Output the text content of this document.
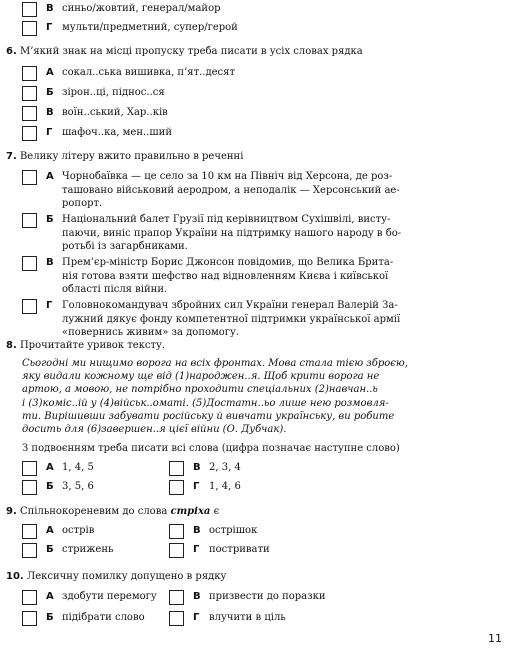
В синьо/жовтий, генерал/майор
Г мульти/предметний, супер/герой
6. М’який знак на місці пропуску треба писати в усіх словах рядка
А сокал..ська вишивка, п’ят..десят
Б зірон..ці, піднос..ся
В воїн..ський, Хар..ків
Г шафоч..ка, мен..ший
7. Велику літеру вжито правильно в реченні
А Чорнобаївка — це село за 10 км на Північ від Херсона, де роз-
ташовано військовий аеродром, а неподалік — Херсонський ае-
ропорт.
Б Національний балет Грузії під керівництвом Сухішвілі, висту-
паючи, виніс прапор України на підтримку нашого народу в бо-
ротьбі із загарбниками.
В Прем’єр-міністр Борис Джонсон повідомив, що Велика Брита-
нія готова взяти шефство над відновленням Києва і київської
області після війни.
Г Головнокомандувач збройних сил України генерал Валерій За-
лужний дякує фонду компетентної підтримки української армії
«повернись живим» за допомогу.
8. Прочитайте уривок тексту.
Сьогодні ми нищимо ворога на всіх фронтах. Мова стала тією зброєю,
яку видали кожному ще від (1)народжен..я. Щоб крити ворога не
артою, а мовою, не потрібно проходити спеціальних (2)навчан..ь
і (3)коміс..ій у (4)військ..оматі. (5)Достатн..ьо лише нею розмовля-
ти. Вирішивши забувати російську й вивчати українську, ви робите
досить для (6)завершен..я цієї війни (О. Дубчак).
З подвоєнням треба писати всі слова (цифра позначає наступне слово)
А 1, 4, 5	В 2, 3, 4
Б 3, 5, 6	Г 1, 4, 6
9. Спільнокореневим до слова стріха є
А острів	В острішок
Б стрижень	Г постривати
10. Лексичну помилку допущено в рядку
А здобути перемогу	В призвести до поразки
Б підібрати слово	Г влучити в ціль
11
